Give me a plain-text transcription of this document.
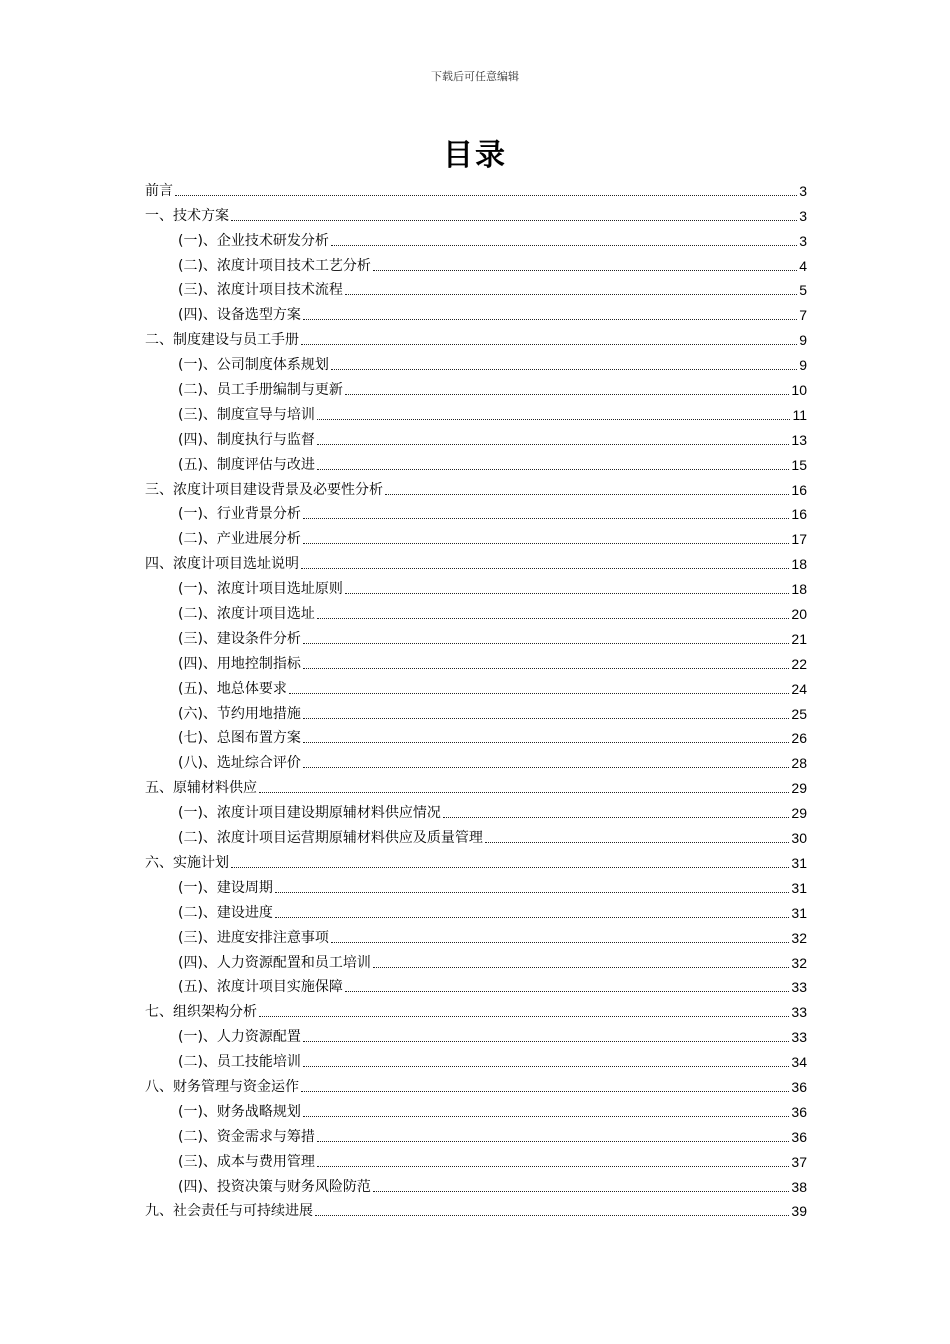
下载后可任意编辑
目录
前言	3
一、技术方案	3
(一)、企业技术研发分析	3
(二)、浓度计项目技术工艺分析	4
(三)、浓度计项目技术流程	5
(四)、设备选型方案	7
二、制度建设与员工手册	9
(一)、公司制度体系规划	9
(二)、员工手册编制与更新	10
(三)、制度宣导与培训	11
(四)、制度执行与监督	13
(五)、制度评估与改进	15
三、浓度计项目建设背景及必要性分析	16
(一)、行业背景分析	16
(二)、产业进展分析	17
四、浓度计项目选址说明	18
(一)、浓度计项目选址原则	18
(二)、浓度计项目选址	20
(三)、建设条件分析	21
(四)、用地控制指标	22
(五)、地总体要求	24
(六)、节约用地措施	25
(七)、总图布置方案	26
(八)、选址综合评价	28
五、原辅材料供应	29
(一)、浓度计项目建设期原辅材料供应情况	29
(二)、浓度计项目运营期原辅材料供应及质量管理	30
六、实施计划	31
(一)、建设周期	31
(二)、建设进度	31
(三)、进度安排注意事项	32
(四)、人力资源配置和员工培训	32
(五)、浓度计项目实施保障	33
七、组织架构分析	33
(一)、人力资源配置	33
(二)、员工技能培训	34
八、财务管理与资金运作	36
(一)、财务战略规划	36
(二)、资金需求与筹措	36
(三)、成本与费用管理	37
(四)、投资决策与财务风险防范	38
九、社会责任与可持续进展	39
